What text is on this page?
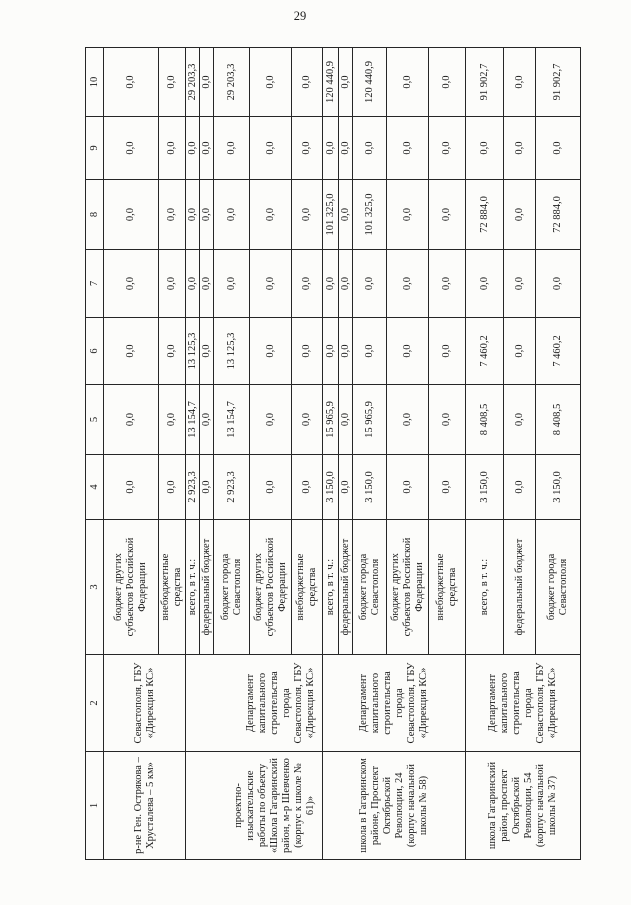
29
1	2	3	4	5	6	7	8	9	10
р-не Ген. Острякова – Хрусталева – 5 км»	Севастополя, ГБУ «Дирекция КС»	бюджет других субъектов Российской Федерации	0,0	0,0	0,0	0,0	0,0	0,0	0,0
		внебюджетные средства	0,0	0,0	0,0	0,0	0,0	0,0	0,0
проектно-изыскательские работы по объекту «Школа Гагаринский район, м-р Шевченко (корпус к школе № 61)»	Департамент капитального строительства города Севастополя, ГБУ «Дирекция КС»	всего, в т. ч.:	2 923,3	13 154,7	13 125,3	0,0	0,0	0,0	29 203,3
		федеральный бюджет	0,0	0,0	0,0	0,0	0,0	0,0	0,0
		бюджет города Севастополя	2 923,3	13 154,7	13 125,3	0,0	0,0	0,0	29 203,3
		бюджет других субъектов Российской Федерации	0,0	0,0	0,0	0,0	0,0	0,0	0,0
		внебюджетные средства	0,0	0,0	0,0	0,0	0,0	0,0	0,0
школа в Гагаринском районе, Проспект Октябрьской Революции, 24 (корпус начальной школы № 58)	Департамент капитального строительства города Севастополя, ГБУ «Дирекция КС»	всего, в т. ч.:	3 150,0	15 965,9	0,0	0,0	101 325,0	0,0	120 440,9
		федеральный бюджет	0,0	0,0	0,0	0,0	0,0	0,0	0,0
		бюджет города Севастополя	3 150,0	15 965,9	0,0	0,0	101 325,0	0,0	120 440,9
		бюджет других субъектов Российской Федерации	0,0	0,0	0,0	0,0	0,0	0,0	0,0
		внебюджетные средства	0,0	0,0	0,0	0,0	0,0	0,0	0,0
школа Гагаринский район, проспект Октябрьской Революции, 54 (корпус начальной школы № 37)	Департамент капитального строительства города Севастополя, ГБУ «Дирекция КС»	всего, в т. ч.:	3 150,0	8 408,5	7 460,2	0,0	72 884,0	0,0	91 902,7
		федеральный бюджет	0,0	0,0	0,0	0,0	0,0	0,0	0,0
		бюджет города Севастополя	3 150,0	8 408,5	7 460,2	0,0	72 884,0	0,0	91 902,7
